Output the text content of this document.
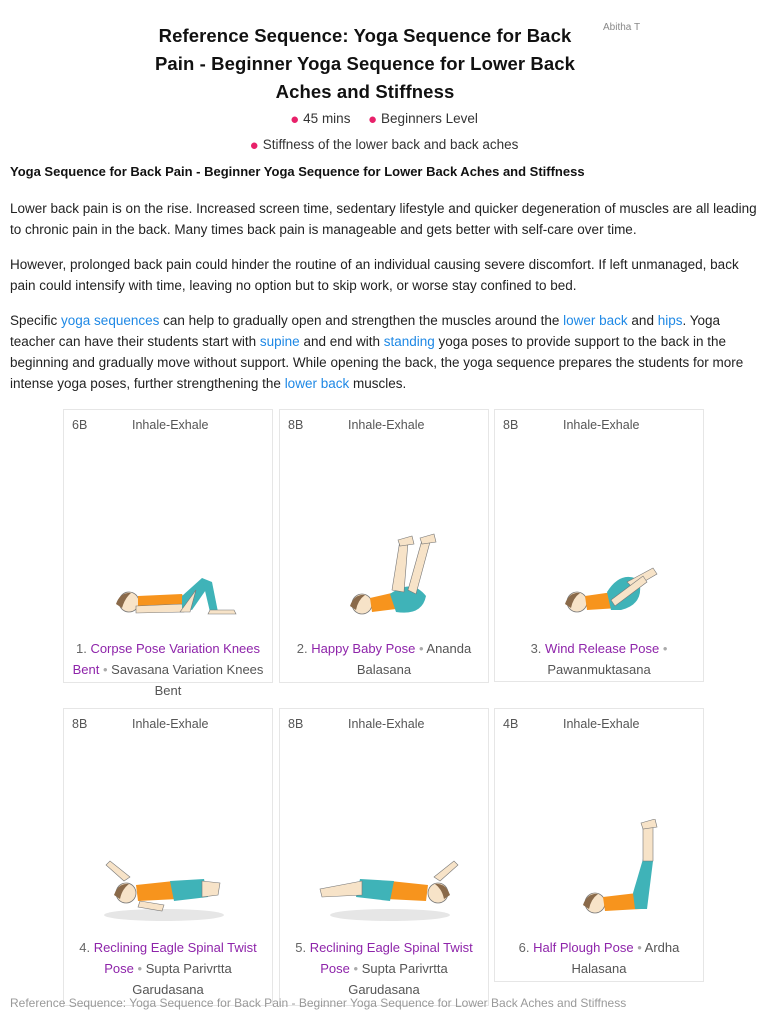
Reference Sequence: Yoga Sequence for Back Pain - Beginner Yoga Sequence for Lower Back Aches and Stiffness
Abitha T
● 45 mins ● Beginners Level
● Stiffness of the lower back and back aches
Yoga Sequence for Back Pain - Beginner Yoga Sequence for Lower Back Aches and Stiffness

Lower back pain is on the rise. Increased screen time, sedentary lifestyle and quicker degeneration of muscles are all leading to chronic pain in the back. Many times back pain is manageable and gets better with self-care over time.

However, prolonged back pain could hinder the routine of an individual causing severe discomfort. If left unmanaged, back pain could intensify with time, leaving no option but to skip work, or worse stay confined to bed.

Specific yoga sequences can help to gradually open and strengthen the muscles around the lower back and hips. Yoga teacher can have their students start with supine and end with standing yoga poses to provide support to the back in the beginning and gradually move without support. While opening the back, the yoga sequence prepares the students for more intense yoga poses, further strengthening the lower back muscles.

6B	Inhale-Exhale
1. Corpse Pose Variation Knees Bent • Savasana Variation Knees Bent
8B	Inhale-Exhale
2. Happy Baby Pose • Ananda Balasana
8B	Inhale-Exhale
3. Wind Release Pose • Pawanmuktasana
8B	Inhale-Exhale
4. Reclining Eagle Spinal Twist Pose • Supta Parivrtta Garudasana
8B	Inhale-Exhale
5. Reclining Eagle Spinal Twist Pose • Supta Parivrtta Garudasana
4B	Inhale-Exhale
6. Half Plough Pose • Ardha Halasana
Reference Sequence: Yoga Sequence for Back Pain - Beginner Yoga Sequence for Lower Back Aches and Stiffness
